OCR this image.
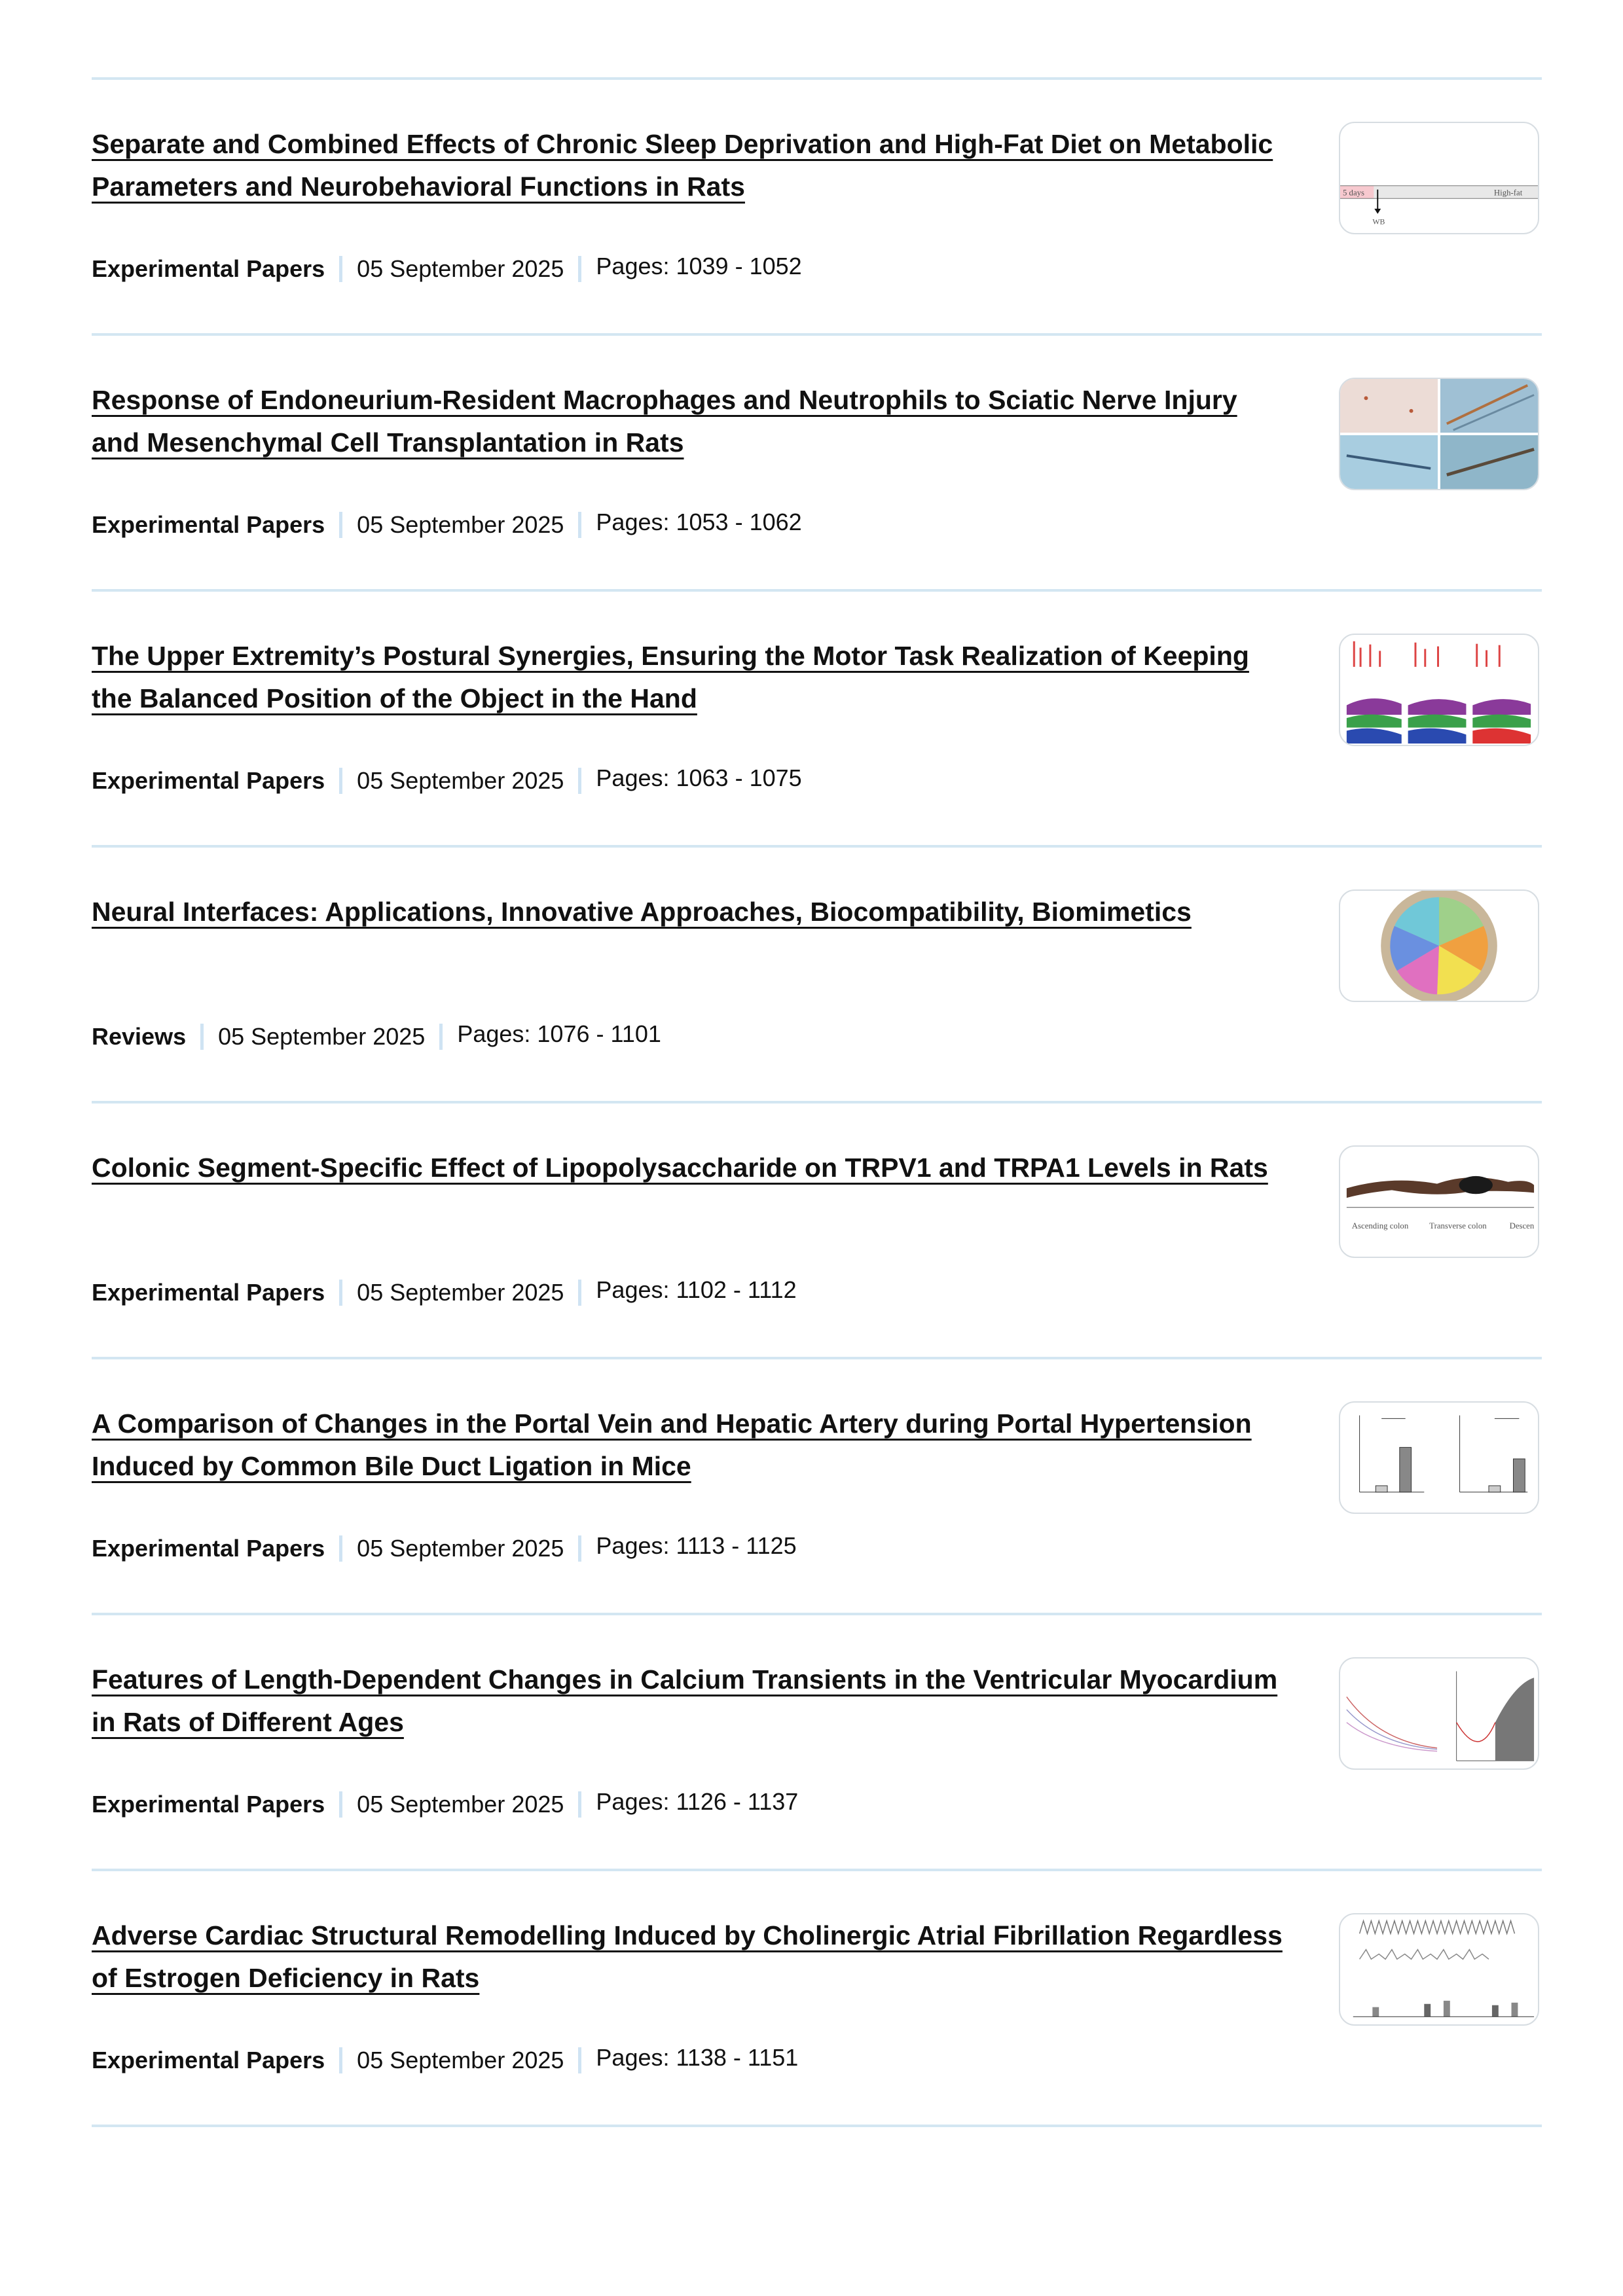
Separate and Combined Effects of Chronic Sleep Deprivation and High-Fat Diet on Metabolic Parameters and Neurobehavioral Functions in Rats
Experimental Papers 05 September 2025 Pages: 1039 - 1052
5 days	High-fat
WB
Response of Endoneurium-Resident Macrophages and Neutrophils to Sciatic Nerve Injury and Mesenchymal Cell Transplantation in Rats
Experimental Papers 05 September 2025 Pages: 1053 - 1062
The Upper Extremity’s Postural Synergies, Ensuring the Motor Task Realization of Keeping the Balanced Position of the Object in the Hand
Experimental Papers 05 September 2025 Pages: 1063 - 1075
Neural Interfaces: Applications, Innovative Approaches, Biocompatibility, Biomimetics
Reviews 05 September 2025 Pages: 1076 - 1101
Colonic Segment-Specific Effect of Lipopolysaccharide on TRPV1 and TRPA1 Levels in Rats
Experimental Papers 05 September 2025 Pages: 1102 - 1112
Ascending colon Transverse colon	Descen
A Comparison of Changes in the Portal Vein and Hepatic Artery during Portal Hypertension Induced by Common Bile Duct Ligation in Mice
Experimental Papers 05 September 2025 Pages: 1113 - 1125
Features of Length-Dependent Changes in Calcium Transients in the Ventricular Myocardium in Rats of Different Ages
Experimental Papers 05 September 2025 Pages: 1126 - 1137
Adverse Cardiac Structural Remodelling Induced by Cholinergic Atrial Fibrillation Regardless of Estrogen Deficiency in Rats
Experimental Papers 05 September 2025 Pages: 1138 - 1151
